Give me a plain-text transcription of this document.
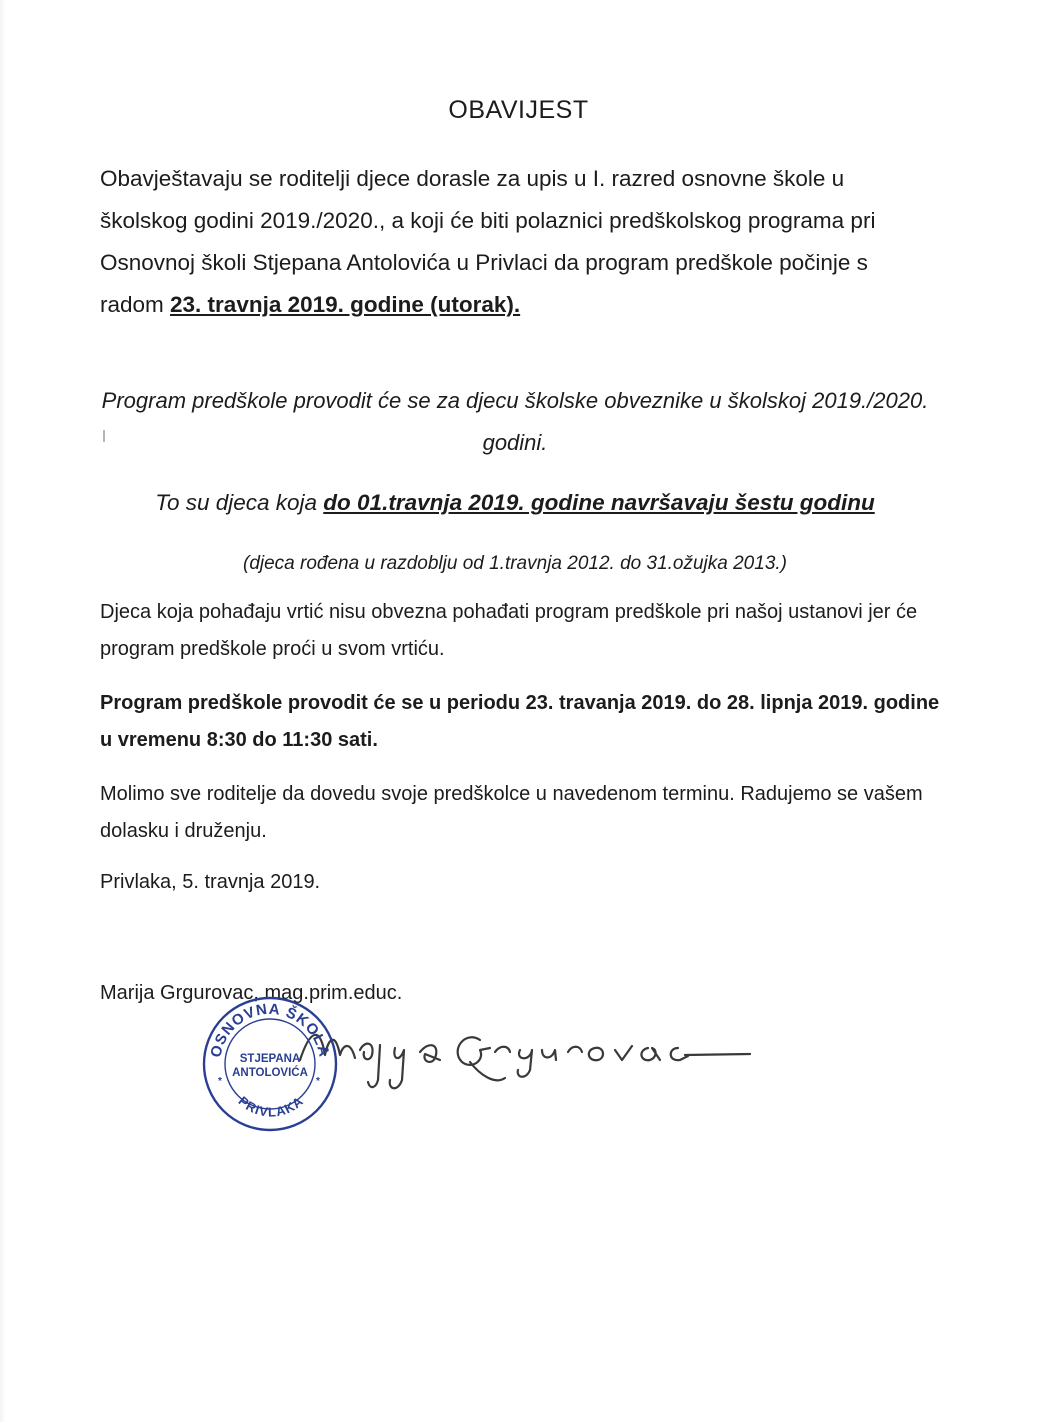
OBAVIJEST
Obavještavaju se roditelji djece dorasle za upis u I. razred osnovne škole u školskog godini 2019./2020., a koji će biti polaznici predškolskog programa pri Osnovnoj školi Stjepana Antolovića u Privlaci da program predškole počinje s radom 23. travnja 2019. godine (utorak).
Program predškole provodit će se za djecu školske obveznike u školskoj 2019./2020. godini.
To su djeca koja do 01.travnja 2019. godine navršavaju šestu godinu
(djeca rođena u razdoblju od 1.travnja 2012. do 31.ožujka 2013.)
Djeca koja pohađaju vrtić nisu obvezna pohađati program predškole pri našoj ustanovi jer će program predškole proći u svom vrtiću.
Program predškole provodit će se u periodu 23. travanja 2019. do 28. lipnja 2019. godine u vremenu 8:30 do 11:30 sati.
Molimo sve roditelje da dovedu svoje predškolce u navedenom terminu. Radujemo se vašem dolasku i druženju.
Privlaka, 5. travnja 2019.
Marija Grgurovac, mag.prim.educ.
OSNOVNA ŠKOLA
PRIVLAKA
STJEPANA
ANTOLOVIĆA
*	*
